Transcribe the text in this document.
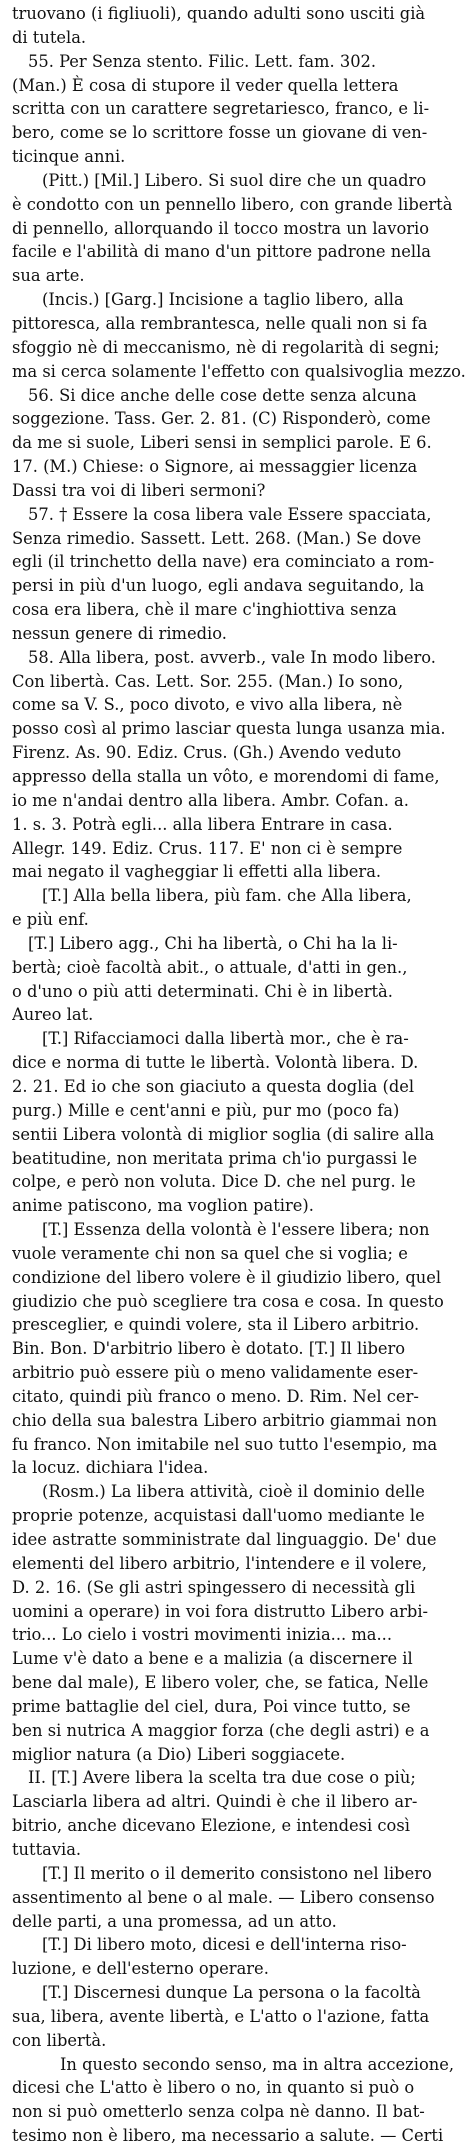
truovano (i figliuoli), quando adulti sono usciti già
di tutela.
55. Per Senza stento. Filic. Lett. fam. 302.
(Man.) È cosa di stupore il veder quella lettera
scritta con un carattere segretariesco, franco, e li-
bero, come se lo scrittore fosse un giovane di ven-
ticinque anni.
(Pitt.) [Mil.] Libero. Si suol dire che un quadro
è condotto con un pennello libero, con grande libertà
di pennello, allorquando il tocco mostra un lavorio
facile e l'abilità di mano d'un pittore padrone nella
sua arte.
(Incis.) [Garg.] Incisione a taglio libero, alla
pittoresca, alla rembrantesca, nelle quali non si fa
sfoggio nè di meccanismo, nè di regolarità di segni;
ma si cerca solamente l'effetto con qualsivoglia mezzo.
56. Si dice anche delle cose dette senza alcuna
soggezione. Tass. Ger. 2. 81. (C) Risponderò, come
da me si suole, Liberi sensi in semplici parole. E 6.
17. (M.) Chiese: o Signore, ai messaggier licenza
Dassi tra voi di liberi sermoni?
57. † Essere la cosa libera vale Essere spacciata,
Senza rimedio. Sassett. Lett. 268. (Man.) Se dove
egli (il trinchetto della nave) era cominciato a rom-
persi in più d'un luogo, egli andava seguitando, la
cosa era libera, chè il mare c'inghiottiva senza
nessun genere di rimedio.
58. Alla libera, post. avverb., vale In modo libero.
Con libertà. Cas. Lett. Sor. 255. (Man.) Io sono,
come sa V. S., poco divoto, e vivo alla libera, nè
posso così al primo lasciar questa lunga usanza mia.
Firenz. As. 90. Ediz. Crus. (Gh.) Avendo veduto
appresso della stalla un vôto, e morendomi di fame,
io me n'andai dentro alla libera. Ambr. Cofan. a.
1. s. 3. Potrà egli... alla libera Entrare in casa.
Allegr. 149. Ediz. Crus. 117. E' non ci è sempre
mai negato il vagheggiar li effetti alla libera.
[T.] Alla bella libera, più fam. che Alla libera,
e più enf.
[T.] Libero agg., Chi ha libertà, o Chi ha la li-
bertà; cioè facoltà abit., o attuale, d'atti in gen.,
o d'uno o più atti determinati. Chi è in libertà.
Aureo lat.
[T.] Rifacciamoci dalla libertà mor., che è ra-
dice e norma di tutte le libertà. Volontà libera. D.
2. 21. Ed io che son giaciuto a questa doglia (del
purg.) Mille e cent'anni e più, pur mo (poco fa)
sentii Libera volontà di miglior soglia (di salire alla
beatitudine, non meritata prima ch'io purgassi le
colpe, e però non voluta. Dice D. che nel purg. le
anime patiscono, ma voglion patire).
[T.] Essenza della volontà è l'essere libera; non
vuole veramente chi non sa quel che si voglia; e
condizione del libero volere è il giudizio libero, quel
giudizio che può scegliere tra cosa e cosa. In questo
presceglier, e quindi volere, sta il Libero arbitrio.
Bin. Bon. D'arbitrio libero è dotato. [T.] Il libero
arbitrio può essere più o meno validamente eser-
citato, quindi più franco o meno. D. Rim. Nel cer-
chio della sua balestra Libero arbitrio giammai non
fu franco. Non imitabile nel suo tutto l'esempio, ma
la locuz. dichiara l'idea.
(Rosm.) La libera attività, cioè il dominio delle
proprie potenze, acquistasi dall'uomo mediante le
idee astratte somministrate dal linguaggio. De' due
elementi del libero arbitrio, l'intendere e il volere,
D. 2. 16. (Se gli astri spingessero di necessità gli
uomini a operare) in voi fora distrutto Libero arbi-
trio... Lo cielo i vostri movimenti inizia... ma...
Lume v'è dato a bene e a malizia (a discernere il
bene dal male), E libero voler, che, se fatica, Nelle
prime battaglie del ciel, dura, Poi vince tutto, se
ben si nutrica A maggior forza (che degli astri) e a
miglior natura (a Dio) Liberi soggiacete.
II. [T.] Avere libera la scelta tra due cose o più;
Lasciarla libera ad altri. Quindi è che il libero ar-
bitrio, anche dicevano Elezione, e intendesi così
tuttavia.
[T.] Il merito o il demerito consistono nel libero
assentimento al bene o al male. — Libero consenso
delle parti, a una promessa, ad un atto.
[T.] Di libero moto, dicesi e dell'interna riso-
luzione, e dell'esterno operare.
[T.] Discernesi dunque La persona o la facoltà
sua, libera, avente libertà, e L'atto o l'azione, fatta
con libertà.
In questo secondo senso, ma in altra accezione,
dicesi che L'atto è libero o no, in quanto si può o
non si può ometterlo senza colpa nè danno. Il bat-
tesimo non è libero, ma necessario a salute. — Certi
